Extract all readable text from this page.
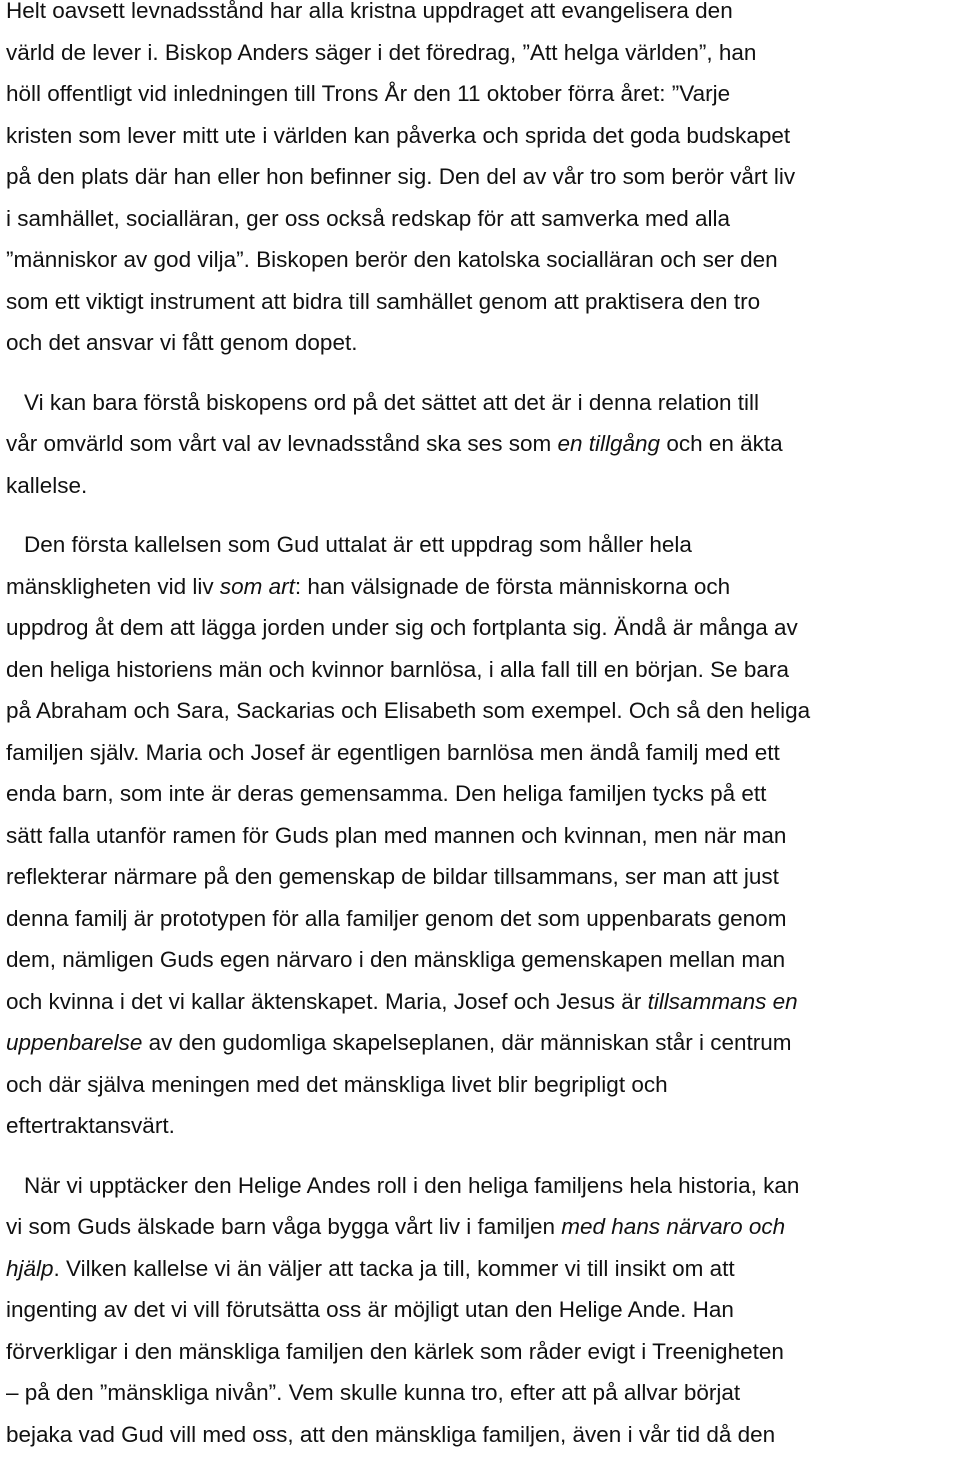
Helt oavsett levnadsstånd har alla kristna uppdraget att evangelisera den
värld de lever i. Biskop Anders säger i det föredrag, ”Att helga världen”, han
höll offentligt vid inledningen till Trons År den 11 oktober förra året: ”Varje
kristen som lever mitt ute i världen kan påverka och sprida det goda budskapet
på den plats där han eller hon befinner sig. Den del av vår tro som berör vårt liv
i samhället, socialläran, ger oss också redskap för att samverka med alla
”människor av god vilja”. Biskopen berör den katolska socialläran och ser den
som ett viktigt instrument att bidra till samhället genom att praktisera den tro
och det ansvar vi fått genom dopet.

Vi kan bara förstå biskopens ord på det sättet att det är i denna relation till
vår omvärld som vårt val av levnadsstånd ska ses som en tillgång och en äkta
kallelse.

Den första kallelsen som Gud uttalat är ett uppdrag som håller hela
mänskligheten vid liv som art: han välsignade de första människorna och
uppdrog åt dem att lägga jorden under sig och fortplanta sig. Ändå är många av
den heliga historiens män och kvinnor barnlösa, i alla fall till en början. Se bara
på Abraham och Sara, Sackarias och Elisabeth som exempel. Och så den heliga
familjen själv. Maria och Josef är egentligen barnlösa men ändå familj med ett
enda barn, som inte är deras gemensamma. Den heliga familjen tycks på ett
sätt falla utanför ramen för Guds plan med mannen och kvinnan, men när man
reflekterar närmare på den gemenskap de bildar tillsammans, ser man att just
denna familj är prototypen för alla familjer genom det som uppenbarats genom
dem, nämligen Guds egen närvaro i den mänskliga gemenskapen mellan man
och kvinna i det vi kallar äktenskapet. Maria, Josef och Jesus är tillsammans en
uppenbarelse av den gudomliga skapelseplanen, där människan står i centrum
och där själva meningen med det mänskliga livet blir begripligt och
eftertraktansvärt.

När vi upptäcker den Helige Andes roll i den heliga familjens hela historia, kan
vi som Guds älskade barn våga bygga vårt liv i familjen med hans närvaro och
hjälp. Vilken kallelse vi än väljer att tacka ja till, kommer vi till insikt om att
ingenting av det vi vill förutsätta oss är möjligt utan den Helige Ande. Han
förverkligar i den mänskliga familjen den kärlek som råder evigt i Treenigheten
– på den ”mänskliga nivån”. Vem skulle kunna tro, efter att på allvar börjat
bejaka vad Gud vill med oss, att den mänskliga familjen, även i vår tid då den
